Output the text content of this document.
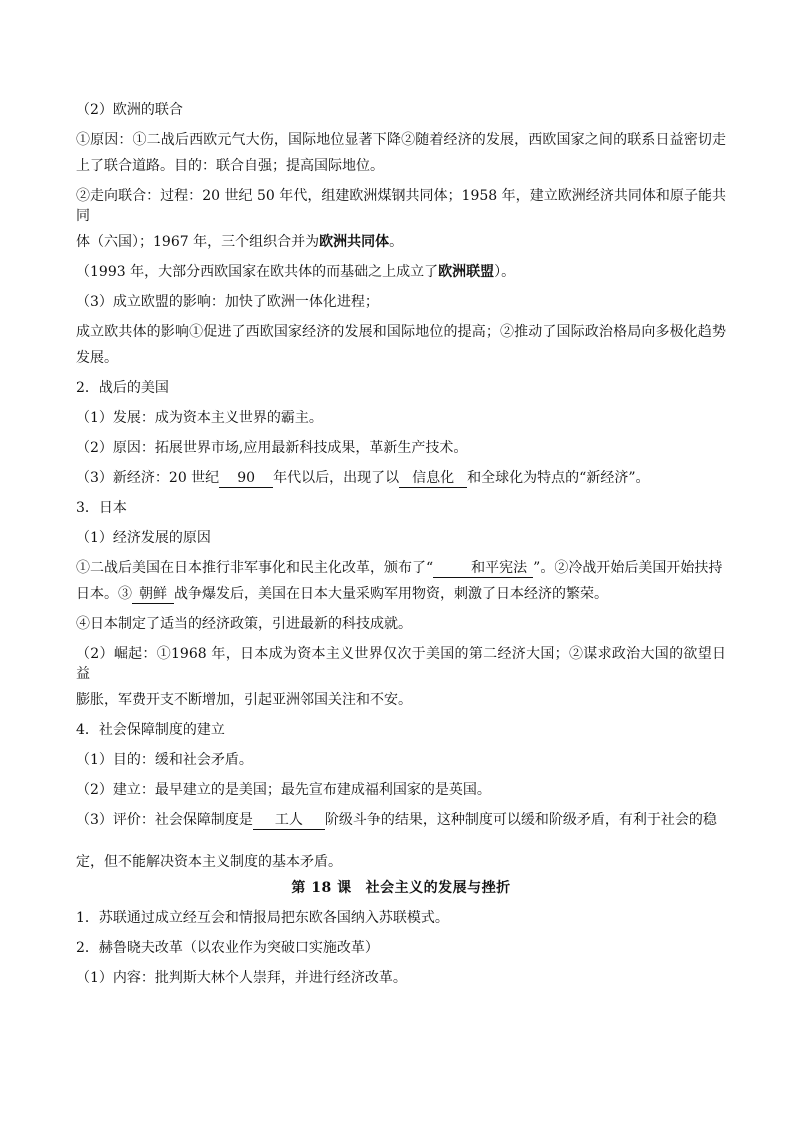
（2）欧洲的联合
①原因：①二战后西欧元气大伤，国际地位显著下降②随着经济的发展，西欧国家之间的联系日益密切走
上了联合道路。目的：联合自强；提高国际地位。
②走向联合：过程：20 世纪 50 年代，组建欧洲煤钢共同体；1958 年，建立欧洲经济共同体和原子能共同
体（六国）；1967 年，三个组织合并为欧洲共同体。
（1993 年，大部分西欧国家在欧共体的而基础之上成立了欧洲联盟）。
（3）成立欧盟的影响：加快了欧洲一体化进程；
成立欧共体的影响①促进了西欧国家经济的发展和国际地位的提高；②推动了国际政治格局向多极化趋势
发展。
2．战后的美国
（1）发展：成为资本主义世界的霸主。
（2）原因：拓展世界市场,应用最新科技成果，革新生产技术。
（3）新经济：20 世纪 90 年代以后，出现了以 信息化 和全球化为特点的“新经济”。
3．日本
（1）经济发展的原因
①二战后美国在日本推行非军事化和民主化改革，颁布了“	和平宪法 ”。②冷战开始后美国开始扶持
日本。③ 朝鲜 战争爆发后，美国在日本大量采购军用物资，刺激了日本经济的繁荣。
④日本制定了适当的经济政策，引进最新的科技成就。
（2）崛起：①1968 年，日本成为资本主义世界仅次于美国的第二经济大国；②谋求政治大国的欲望日益
膨胀，军费开支不断增加，引起亚洲邻国关注和不安。
4．社会保障制度的建立
（1）目的：缓和社会矛盾。
（2）建立：最早建立的是美国；最先宣布建成福利国家的是英国。
（3）评价：社会保障制度是 工人 阶级斗争的结果，这种制度可以缓和阶级矛盾，有利于社会的稳
定，但不能解决资本主义制度的基本矛盾。
第 18 课 社会主义的发展与挫折
1．苏联通过成立经互会和情报局把东欧各国纳入苏联模式。
2．赫鲁晓夫改革（以农业作为突破口实施改革）
（1）内容：批判斯大林个人崇拜，并进行经济改革。
